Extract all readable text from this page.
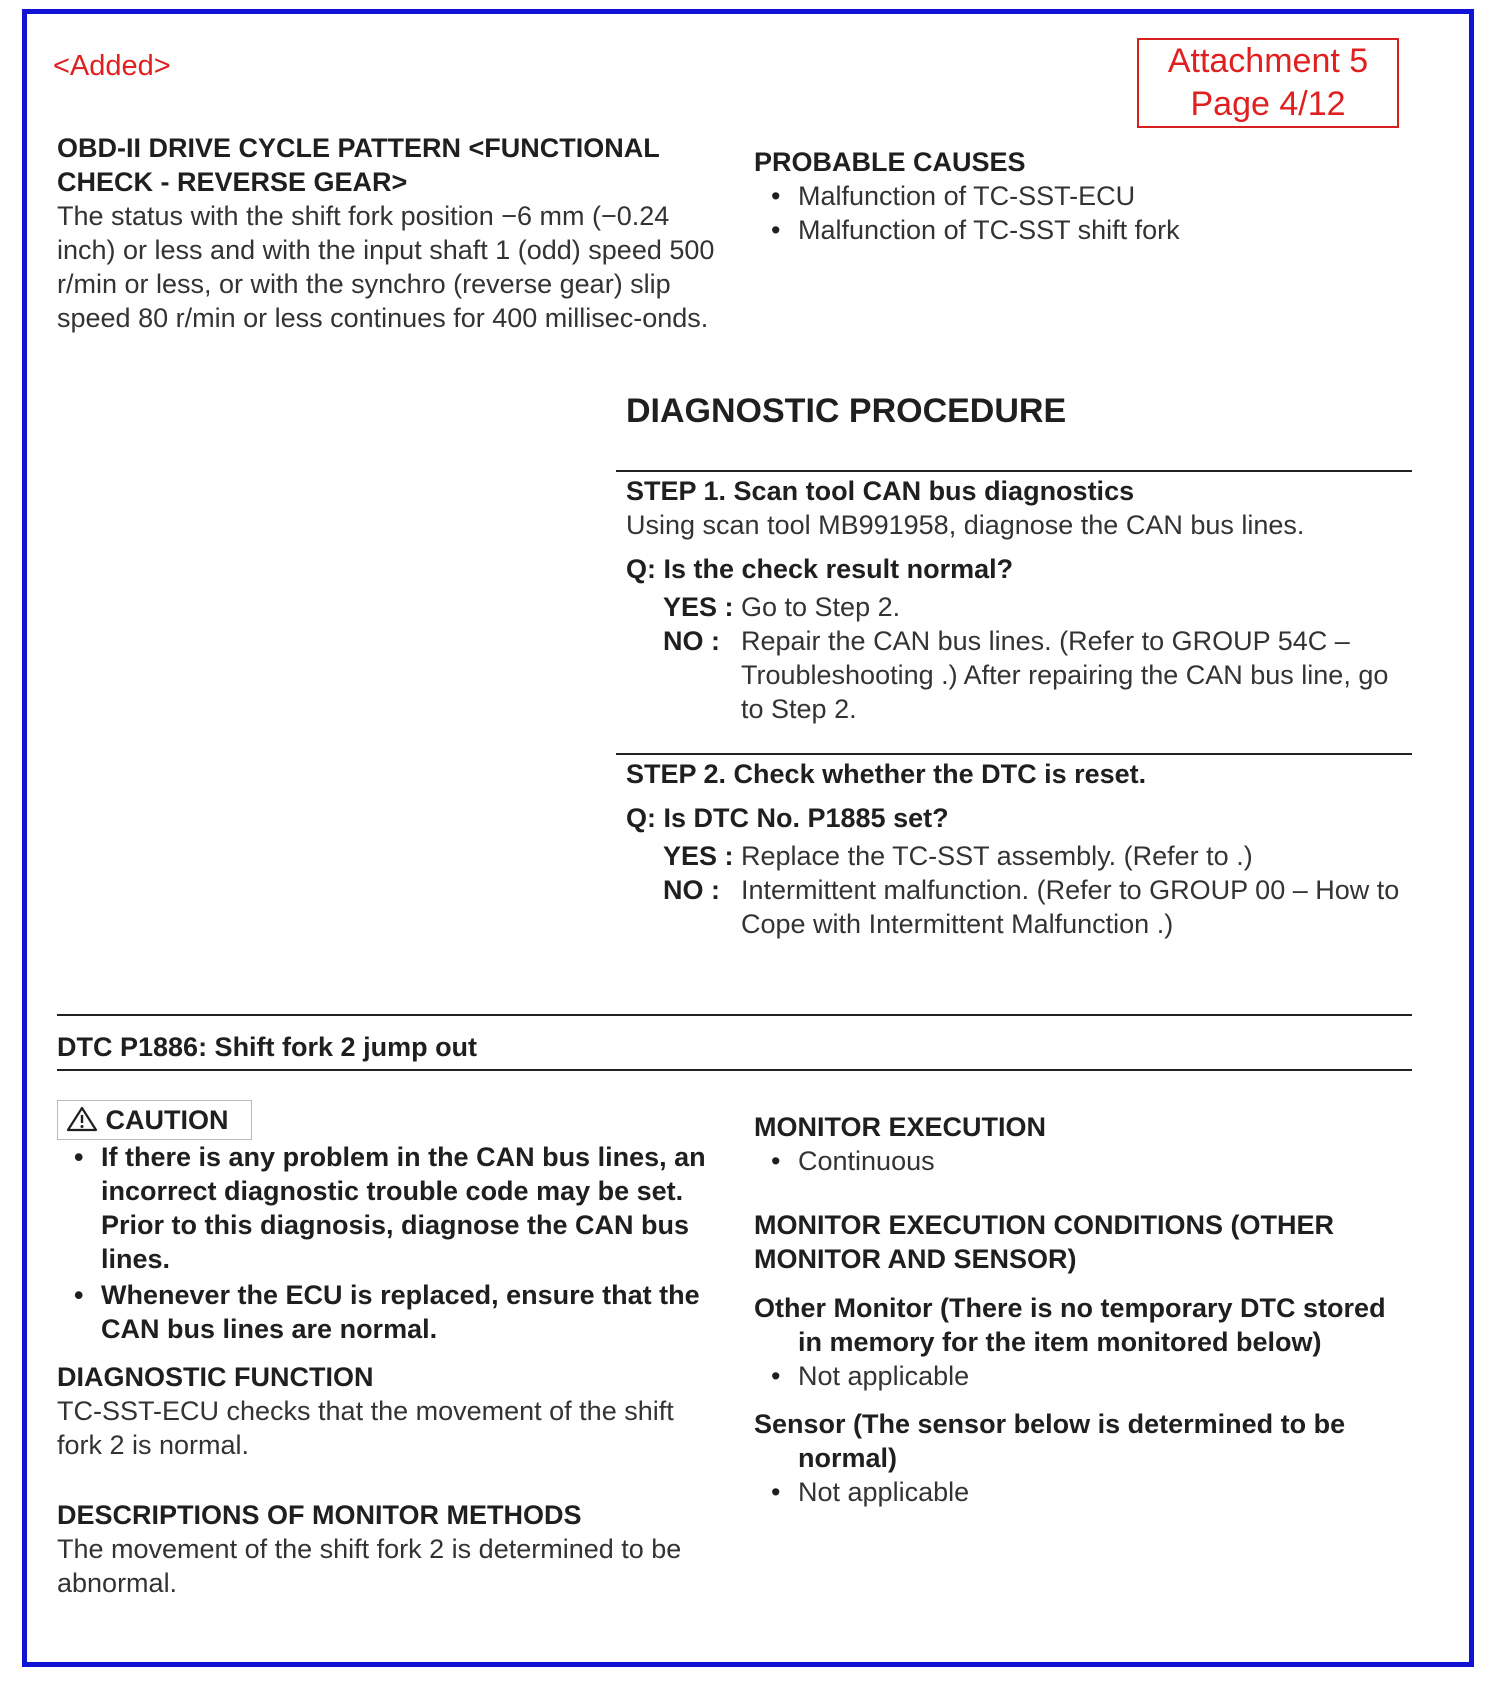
<Added>	Attachment 5
Page 4/12
OBD-II DRIVE CYCLE PATTERN <FUNCTIONAL CHECK - REVERSE GEAR>
The status with the shift fork position −6 mm (−0.24 inch) or less and with the input shaft 1 (odd) speed 500 r/min or less, or with the synchro (reverse gear) slip speed 80 r/min or less continues for 400 millisec-onds.
PROBABLE CAUSES
• Malfunction of TC-SST-ECU
• Malfunction of TC-SST shift fork
DIAGNOSTIC PROCEDURE
STEP 1. Scan tool CAN bus diagnostics
Using scan tool MB991958, diagnose the CAN bus lines.
Q: Is the check result normal?
YES : Go to Step 2.
NO : Repair the CAN bus lines. (Refer to GROUP 54C – Troubleshooting .) After repairing the CAN bus line, go to Step 2.
STEP 2. Check whether the DTC is reset.
Q: Is DTC No. P1885 set?
YES : Replace the TC-SST assembly. (Refer to .)
NO : Intermittent malfunction. (Refer to GROUP 00 – How to Cope with Intermittent Malfunction .)
DTC P1886: Shift fork 2 jump out
CAUTION
• If there is any problem in the CAN bus lines, an incorrect diagnostic trouble code may be set. Prior to this diagnosis, diagnose the CAN bus lines.
• Whenever the ECU is replaced, ensure that the CAN bus lines are normal.
DIAGNOSTIC FUNCTION
TC-SST-ECU checks that the movement of the shift fork 2 is normal.
DESCRIPTIONS OF MONITOR METHODS
The movement of the shift fork 2 is determined to be abnormal.
MONITOR EXECUTION
• Continuous
MONITOR EXECUTION CONDITIONS (OTHER MONITOR AND SENSOR)
Other Monitor (There is no temporary DTC stored in memory for the item monitored below)
• Not applicable
Sensor (The sensor below is determined to be normal)
• Not applicable
